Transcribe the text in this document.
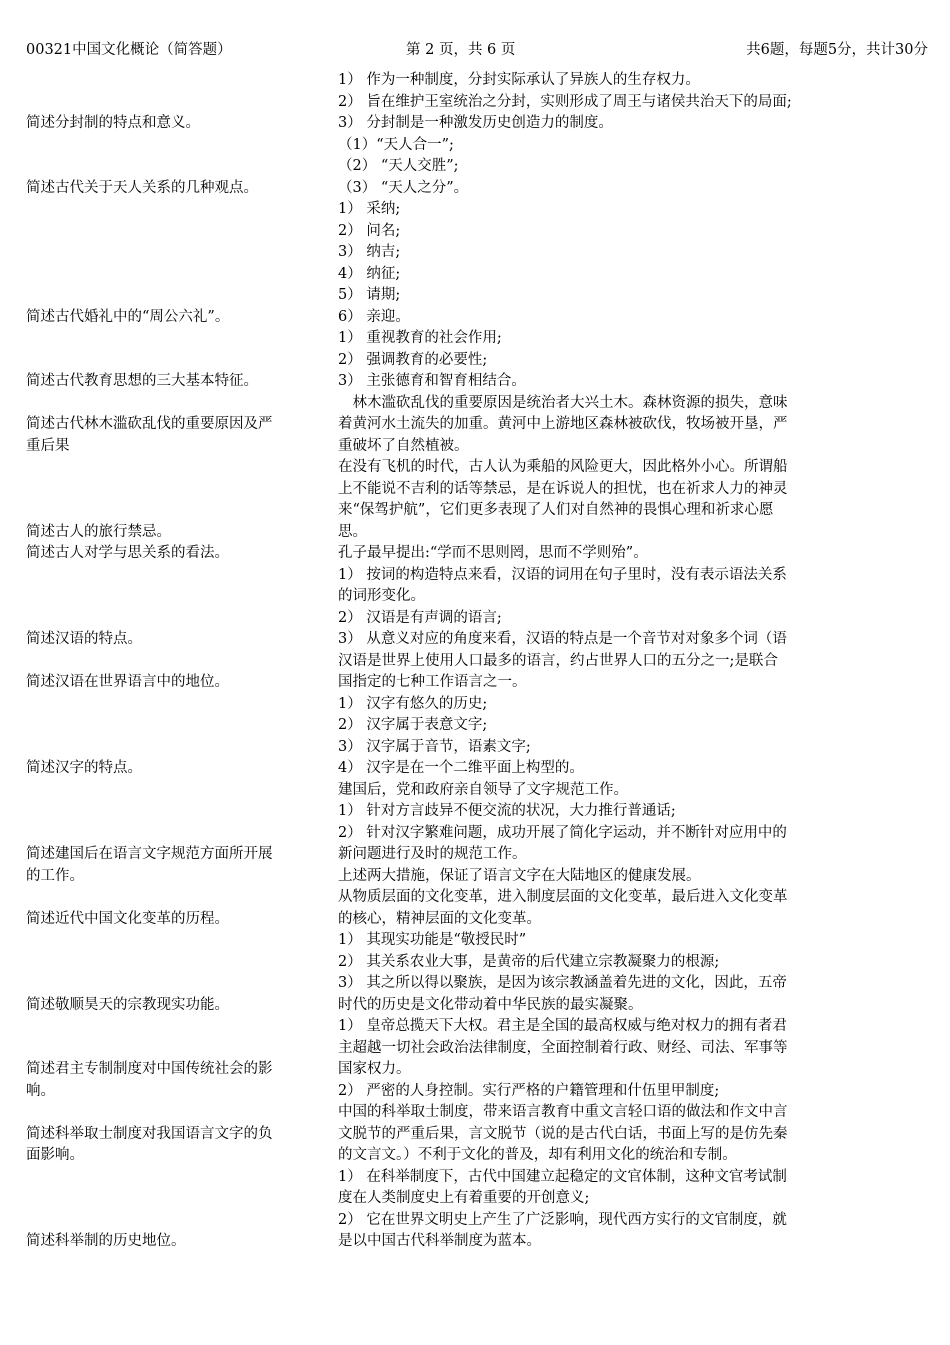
00321中国文化概论（简答题）	第 2 页，共 6 页	共6题，每题5分，共计30分
简述分封制的特点和意义。
1） 作为一种制度，分封实际承认了异族人的生存权力。
2） 旨在维护王室统治之分封，实则形成了周王与诸侯共治天下的局面;
3） 分封制是一种激发历史创造力的制度。
简述古代关于天人关系的几种观点。
（1）“天人合一”;
（2） “天人交胜”;
（3） “天人之分”。
简述古代婚礼中的“周公六礼”。
1） 采纳;
2） 问名;
3） 纳吉;
4） 纳征;
5） 请期;
6） 亲迎。
简述古代教育思想的三大基本特征。
1） 重视教育的社会作用;
2） 强调教育的必要性;
3） 主张德育和智育相结合。
简述古代林木滥砍乱伐的重要原因及严
重后果
　林木滥砍乱伐的重要原因是统治者大兴土木。森林资源的损失，意味
着黄河水土流失的加重。黄河中上游地区森林被砍伐，牧场被开垦，严
重破坏了自然植被。
简述古人的旅行禁忌。
在没有飞机的时代，古人认为乘船的风险更大，因此格外小心。所谓船
上不能说不吉利的话等禁忌，是在诉说人的担忧，也在祈求人力的神灵
来“保驾护航”，它们更多表现了人们对自然神的畏惧心理和祈求心愿
思。
简述古人对学与思关系的看法。	孔子最早提出:“学而不思则罔，思而不学则殆”。
简述汉语的特点。
1） 按词的构造特点来看，汉语的词用在句子里时，没有表示语法关系
的词形变化。
2） 汉语是有声调的语言;
3） 从意义对应的角度来看，汉语的特点是一个音节对对象多个词（语
简述汉语在世界语言中的地位。
汉语是世界上使用人口最多的语言，约占世界人口的五分之一;是联合
国指定的七种工作语言之一。
简述汉字的特点。
1） 汉字有悠久的历史;
2） 汉字属于表意文字;
3） 汉字属于音节，语素文字;
4） 汉字是在一个二维平面上构型的。
简述建国后在语言文字规范方面所开展
的工作。
建国后，党和政府亲自领导了文字规范工作。
1） 针对方言歧异不便交流的状况，大力推行普通话;
2） 针对汉字繁难问题，成功开展了简化字运动，并不断针对应用中的
新问题进行及时的规范工作。
上述两大措施，保证了语言文字在大陆地区的健康发展。
简述近代中国文化变革的历程。
从物质层面的文化变革，进入制度层面的文化变革，最后进入文化变革
的核心，精神层面的文化变革。
简述敬顺昊天的宗教现实功能。
1） 其现实功能是“敬授民时”
2） 其关系农业大事，是黄帝的后代建立宗教凝聚力的根源;
3） 其之所以得以聚族，是因为该宗教涵盖着先进的文化，因此，五帝
时代的历史是文化带动着中华民族的最实凝聚。
简述君主专制制度对中国传统社会的影
响。
1） 皇帝总揽天下大权。君主是全国的最高权威与绝对权力的拥有者君
主超越一切社会政治法律制度，全面控制着行政、财经、司法、军事等
国家权力。
2） 严密的人身控制。实行严格的户籍管理和什伍里甲制度;
简述科举取士制度对我国语言文字的负
面影响。
中国的科举取士制度，带来语言教育中重文言轻口语的做法和作文中言
文脱节的严重后果，言文脱节（说的是古代白话，书面上写的是仿先秦
的文言文。）不利于文化的普及，却有利用文化的统治和专制。
简述科举制的历史地位。
1） 在科举制度下，古代中国建立起稳定的文官体制，这种文官考试制
度在人类制度史上有着重要的开创意义;
2） 它在世界文明史上产生了广泛影响，现代西方实行的文官制度，就
是以中国古代科举制度为蓝本。
